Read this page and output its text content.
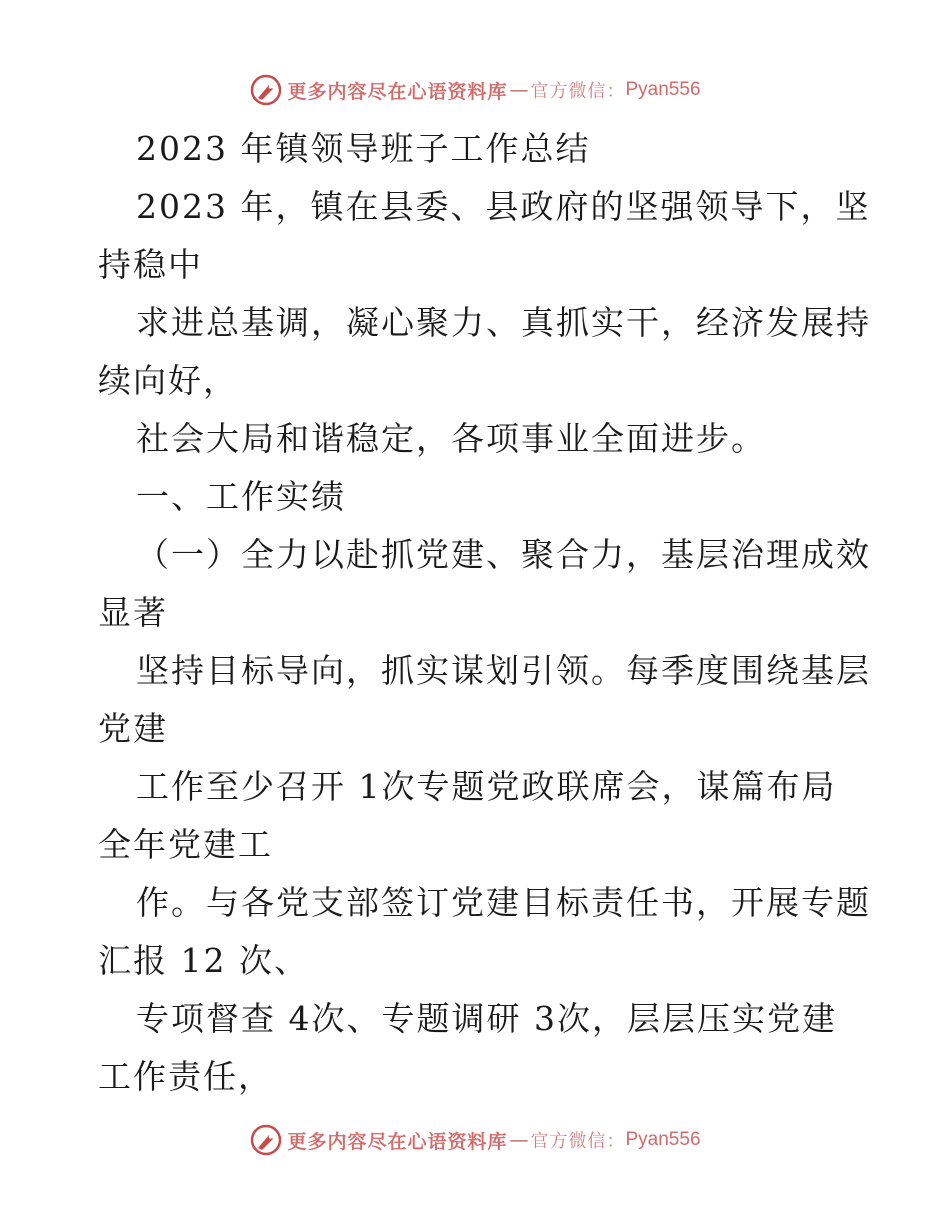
更多内容尽在心语资料库 — 官方微信： Pyan556
2023 年镇领导班子工作总结
2023 年，镇在县委、县政府的坚强领导下，坚
持稳中
求进总基调，凝心聚力、真抓实干，经济发展持
续向好，
社会大局和谐稳定，各项事业全面进步。
一、工作实绩
（一）全力以赴抓党建、聚合力，基层治理成效
显著
坚持目标导向，抓实谋划引领。每季度围绕基层
党建
工作至少召开 1次专题党政联席会，谋篇布局
全年党建工
作。与各党支部签订党建目标责任书，开展专题
汇报 12 次、
专项督查 4次、专题调研 3次，层层压实党建
工作责任，
更多内容尽在心语资料库 — 官方微信： Pyan556
